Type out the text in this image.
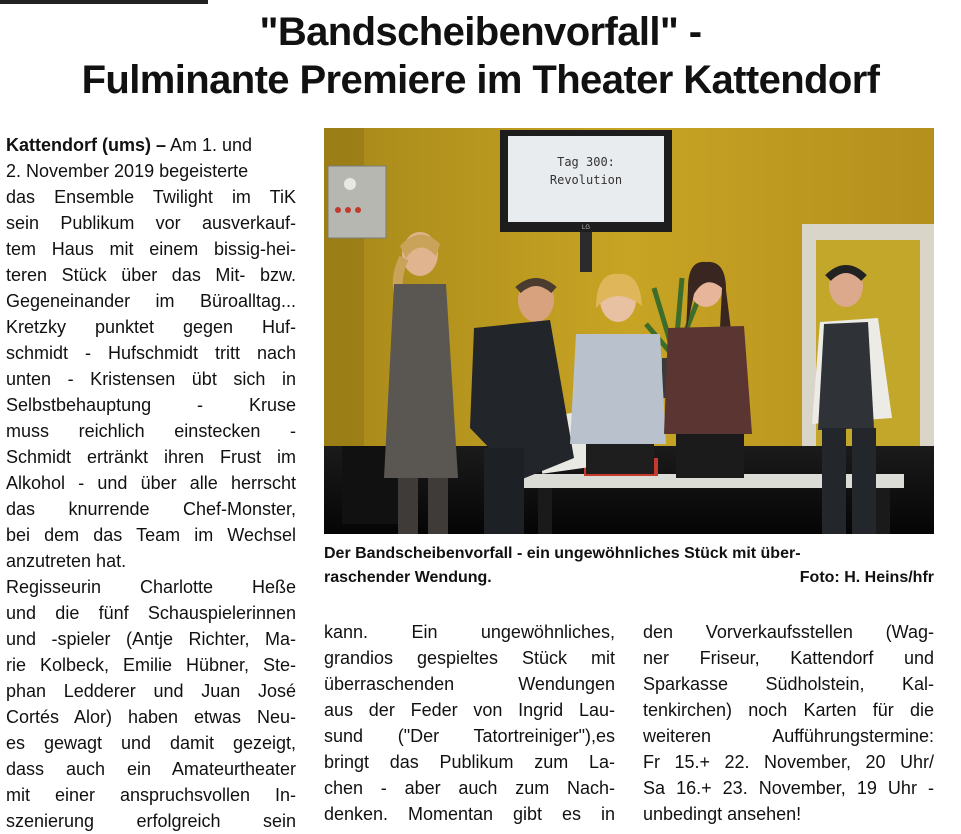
"Bandscheibenvorfall" -
Fulminante Premiere im Theater Kattendorf
Kattendorf (ums) – Am 1. und
2. November 2019 begeisterte
das Ensemble Twilight im TiK
sein Publikum vor ausverkauf-
tem Haus mit einem bissig-hei-
teren Stück über das Mit- bzw.
Gegeneinander im Büroalltag...
Kretzky punktet gegen Huf-
schmidt - Hufschmidt tritt nach
unten - Kristensen übt sich in
Selbstbehauptung - Kruse
muss reichlich einstecken -
Schmidt ertränkt ihren Frust im
Alkohol - und über alle herrscht
das knurrende Chef-Monster,
bei dem das Team im Wechsel
anzutreten hat.
Regisseurin Charlotte Heße
und die fünf Schauspielerinnen
und -spieler (Antje Richter, Ma-
rie Kolbeck, Emilie Hübner, Ste-
phan Ledderer und Juan José
Cortés Alor) haben etwas Neu-
es gewagt und damit gezeigt,
dass auch ein Amateurtheater
mit einer anspruchsvollen In-
szenierung erfolgreich sein
Tag 300:
Revolution
LG
Der Bandscheibenvorfall - ein ungewöhnliches Stück mit über-
raschender Wendung.	Foto: H. Heins/hfr
kann. Ein ungewöhnliches,
grandios gespieltes Stück mit
überraschenden Wendungen
aus der Feder von Ingrid Lau-
sund ("Der Tatortreiniger"),es
bringt das Publikum zum La-
chen - aber auch zum Nach-
denken. Momentan gibt es in
den Vorverkaufsstellen (Wag-
ner Friseur, Kattendorf und
Sparkasse Südholstein, Kal-
tenkirchen) noch Karten für die
weiteren Aufführungstermine:
Fr 15.+ 22. November, 20 Uhr/
Sa 16.+ 23. November, 19 Uhr -
unbedingt ansehen!
